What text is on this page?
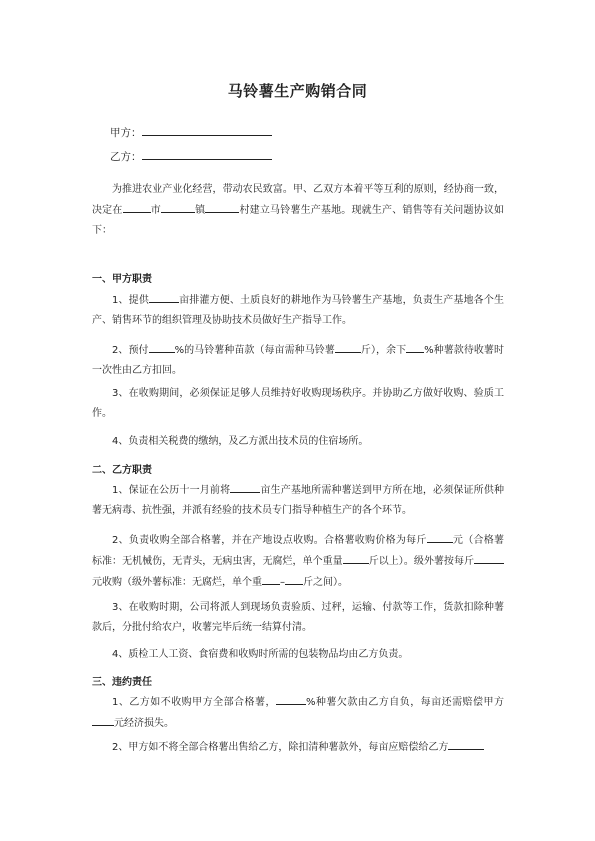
马铃薯生产购销合同
甲方：
乙方：
为推进农业产业化经营，带动农民致富。甲、乙双方本着平等互利的原则，经协商一致，决定在	市	镇	村建立马铃薯生产基地。现就生产、销售等有关问题协议如下：
一、甲方职责
1、提供	亩排灌方便、土质良好的耕地作为马铃薯生产基地，负责生产基地各个生产、销售环节的组织管理及协助技术员做好生产指导工作。
2、预付	%的马铃薯种苗款（每亩需种马铃薯	斤），余下 %种薯款待收薯时一次性由乙方扣回。
3、在收购期间，必须保证足够人员维持好收购现场秩序。并协助乙方做好收购、验质工作。
4、负责相关税费的缴纳，及乙方派出技术员的住宿场所。
二、乙方职责
1、保证在公历十一月前将	亩生产基地所需种薯送到甲方所在地，必须保证所供种薯无病毒、抗性强，并派有经验的技术员专门指导种植生产的各个环节。
2、负责收购全部合格薯，并在产地设点收购。合格薯收购价格为每斤	元（合格薯标准：无机械伤，无青头，无病虫害，无腐烂，单个重量	斤以上）。级外薯按每斤元收购（级外薯标准：无腐烂，单个重 – 斤之间）。
3、在收购时期，公司将派人到现场负责验质、过秤，运输、付款等工作，货款扣除种薯款后，分批付给农户，收薯完毕后统一结算付清。
4、质检工人工资、食宿费和收购时所需的包装物品均由乙方负责。
三、违约责任
1、乙方如不收购甲方全部合格薯，	%种薯欠款由乙方自负，每亩还需赔偿甲方元经济损失。
2、甲方如不将全部合格薯出售给乙方，除扣清种薯款外，每亩应赔偿给乙方
